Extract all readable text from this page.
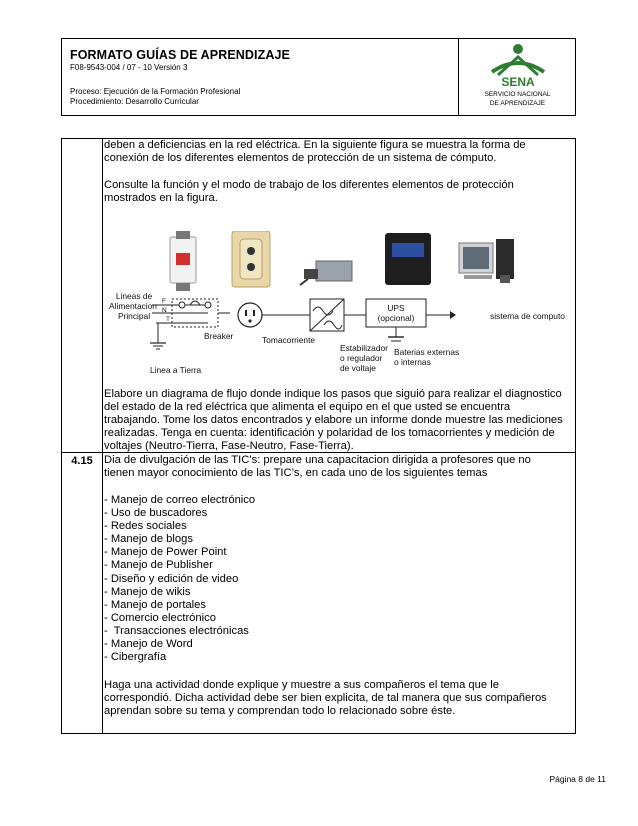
FORMATO GUÍAS DE APRENDIZAJE
F08-9543-004 / 07 - 10 Versión 3
Proceso: Ejecución de la Formación Profesional
Procedimiento: Desarrollo Curricular
SENA
SERVICIO NACIONAL
DE APRENDIZAJE
4.15
deben a deficiencias en la red eléctrica. En la siguiente figura se muestra la forma de
conexión de los diferentes elementos de protección de un sistema de cómputo.
Consulte la función y el modo de trabajo de los diferentes elementos de protección
mostrados en la figura.
Lineas de
Alimentacion
Principal
F
N
T
Breaker	Tomacorriente
Linea a Tierra
Estabilizador
o regulador
de voltaje
UPS
(opcional)
Baterias externas
o internas
sistema de computo
Elabore un diagrama de flujo donde indique los pasos que siguió para realizar el diagnostico
del estado de la red eléctrica que alimenta el equipo en el que usted se encuentra
trabajando. Tome los datos encontrados y elabore un informe donde muestre las mediciones
realizadas. Tenga en cuenta: identificación y polaridad de los tomacorrientes y medición de
voltajes (Neutro-Tierra, Fase-Neutro, Fase-Tierra).
Dia de divulgación de las TIC’s: prepare una capacitacion dirigida a profesores que no
tienen mayor conocimiento de las TIC’s, en cada uno de los siguientes temas
- Manejo de correo electrónico
- Uso de buscadores
- Redes sociales
- Manejo de blogs
- Manejo de Power Point
- Manejo de Publisher
- Diseño y edición de video
- Manejo de wikis
- Manejo de portales
- Comercio electrónico
-  Transacciones electrónicas
- Manejo de Word
- Cibergrafía
Haga una actividad donde explique y muestre a sus compañeros el tema que le
correspondió. Dicha actividad debe ser bien explicita, de tal manera que sus compañeros
aprendan sobre su tema y comprendan todo lo relacionado sobre éste.
Página 8 de 11
